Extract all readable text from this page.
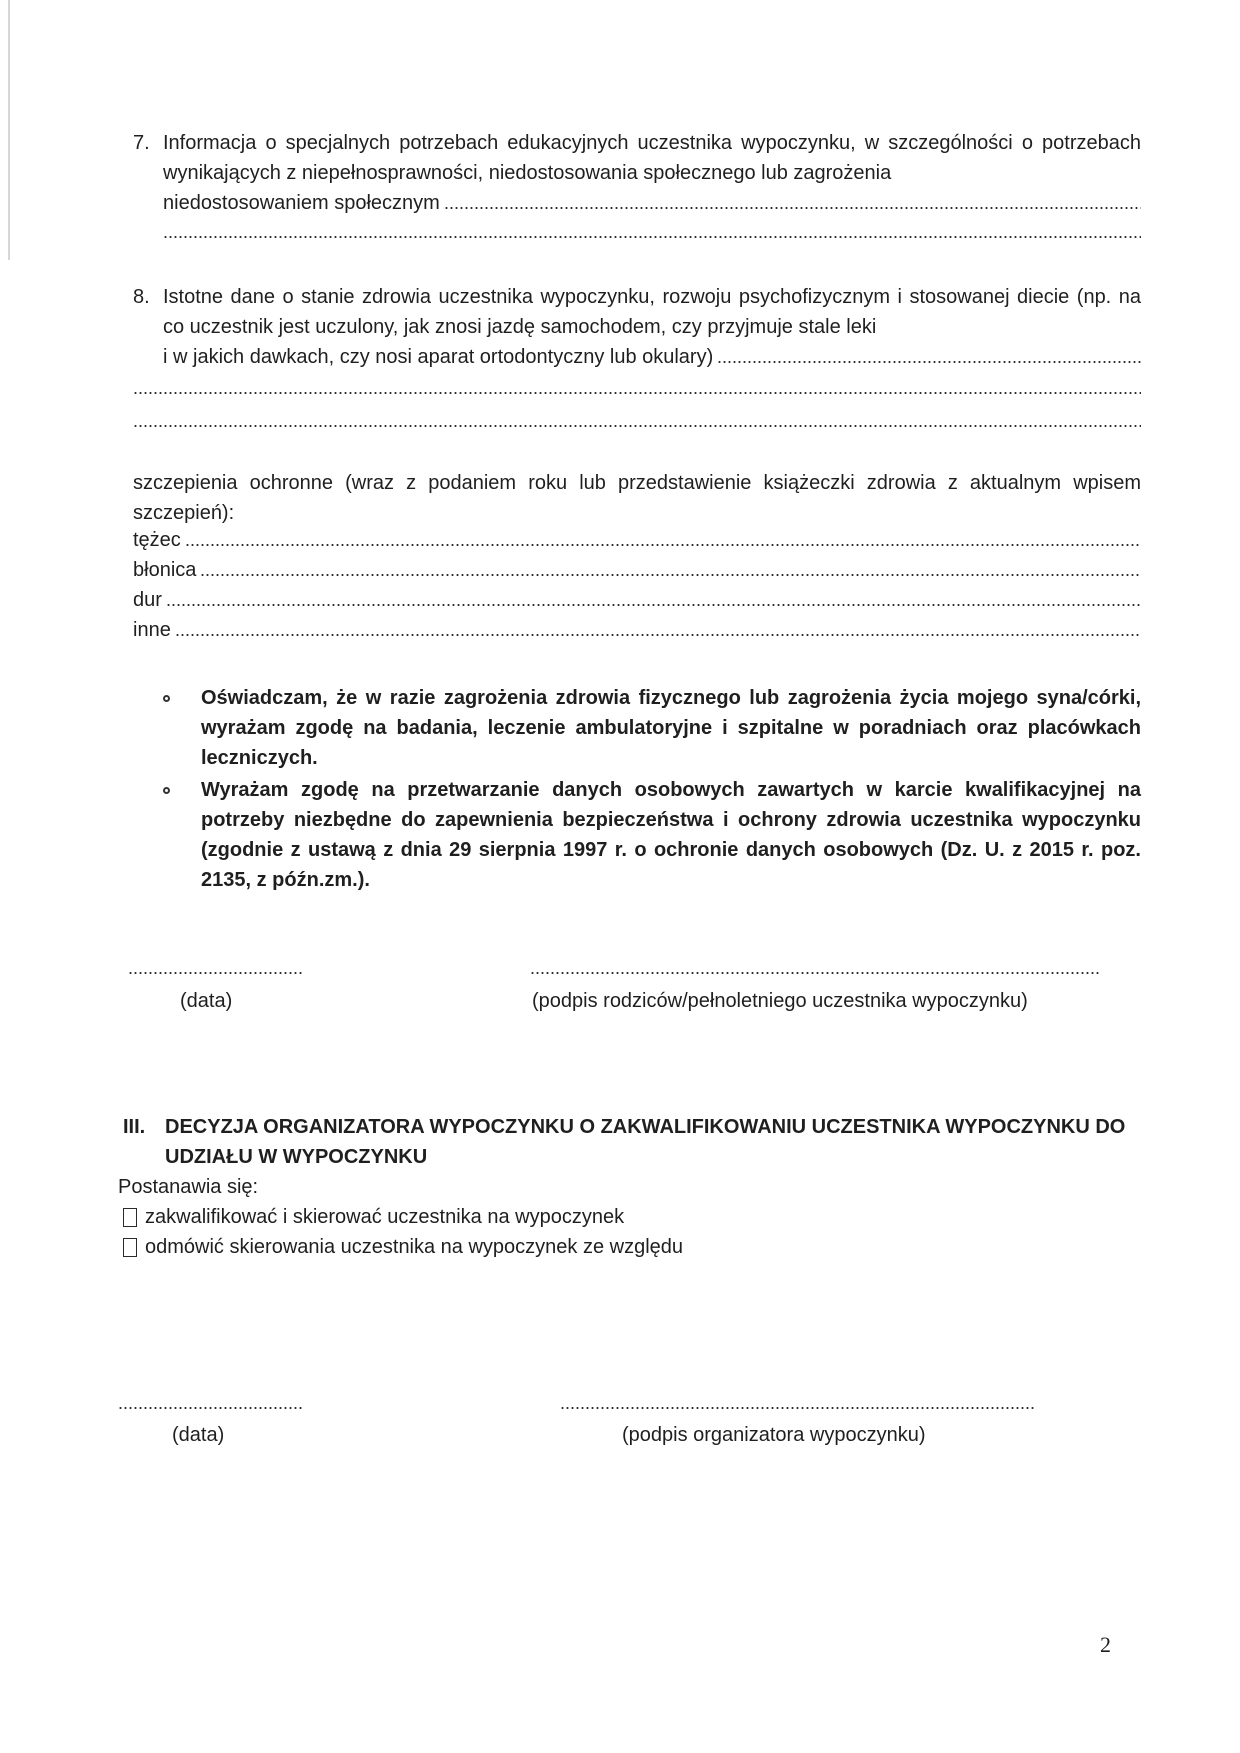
7. Informacja o specjalnych potrzebach edukacyjnych uczestnika wypoczynku, w szczególności o potrzebach wynikających z niepełnosprawności, niedostosowania społecznego lub zagrożenia
niedostosowaniem społecznym
8. Istotne dane o stanie zdrowia uczestnika wypoczynku, rozwoju psychofizycznym i stosowanej diecie (np. na co uczestnik jest uczulony, jak znosi jazdę samochodem, czy przyjmuje stale leki
i w jakich dawkach, czy nosi aparat ortodontyczny lub okulary)
szczepienia ochronne (wraz z podaniem roku lub przedstawienie książeczki zdrowia z aktualnym wpisem szczepień):
tężec
błonica
dur
inne
Oświadczam, że w razie zagrożenia zdrowia fizycznego lub zagrożenia życia mojego syna/córki, wyrażam zgodę na badania, leczenie ambulatoryjne i szpitalne w poradniach oraz placówkach leczniczych.
Wyrażam zgodę na przetwarzanie danych osobowych zawartych w karcie kwalifikacyjnej na potrzeby niezbędne do zapewnienia bezpieczeństwa i ochrony zdrowia uczestnika wypoczynku (zgodnie z ustawą z dnia 29 sierpnia 1997 r. o ochronie danych osobowych (Dz. U. z 2015 r. poz. 2135, z późn.zm.).
(data)	(podpis rodziców/pełnoletniego uczestnika wypoczynku)
III. DECYZJA ORGANIZATORA WYPOCZYNKU O ZAKWALIFIKOWANIU UCZESTNIKA WYPOCZYNKU DO UDZIAŁU W WYPOCZYNKU
Postanawia się:
zakwalifikować i skierować uczestnika na wypoczynek
odmówić skierowania uczestnika na wypoczynek ze względu
(data)	(podpis organizatora wypoczynku)
2
